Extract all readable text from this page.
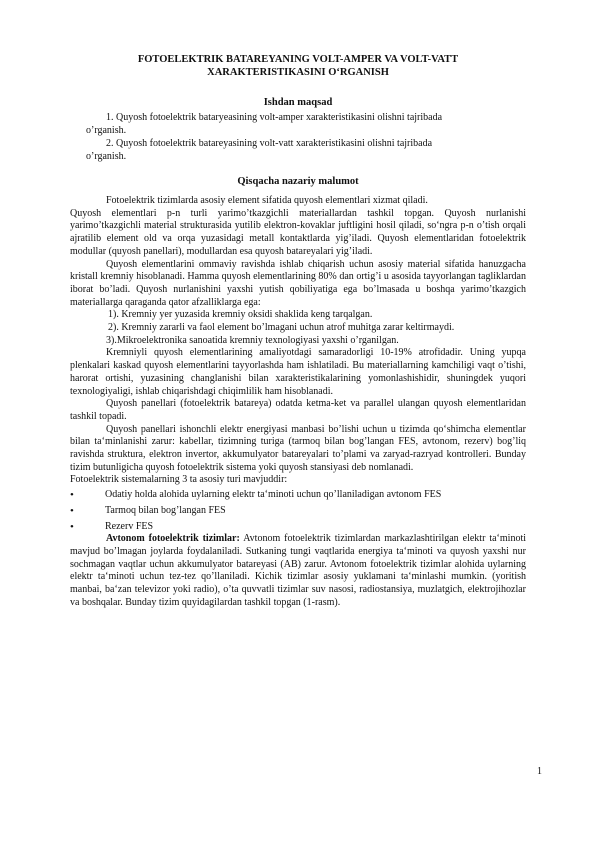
FOTOELEKTRIK BATAREYANING VOLT-AMPER VA VOLT-VATT
XARAKTERISTIKASINI O‘RGANISH
Ishdan maqsad
1. Quyosh fotoelektrik bataryeasining volt-amper xarakteristikasini olishni tajribada
o’rganish.
2. Quyosh fotoelektrik batareyasining volt-vatt xarakteristikasini olishni tajribada
o’rganish.
Qisqacha nazariy malumot

Fotoelektrik tizimlarda asosiy element sifatida quyosh elementlari xizmat qiladi.

Quyosh elementlari p-n turli yarimo’tkazgichli materiallardan tashkil topgan. Quyosh nurlanishi yarimo’tkazgichli material strukturasida yutilib elektron-kovaklar juftligini hosil qiladi, so‘ngra p-n o’tish orqali ajratilib element old va orqa yuzasidagi metall kontaktlarda yig’iladi. Quyosh elementlaridan fotoelektrik modullar (quyosh panellari), modullardan esa quyosh batareyalari yig’iladi.

Quyosh elementlarini ommaviy ravishda ishlab chiqarish uchun asosiy material sifatida hanuzgacha kristall kremniy hisoblanadi. Hamma quyosh elementlarining 80% dan ortig’i u asosida tayyorlangan tagliklardan iborat bo’ladi. Quyosh nurlanishini yaxshi yutish qobiliyatiga ega bo’lmasada u boshqa yarimo’tkazgich materiallarga qaraganda qator afzalliklarga ega:

1). Kremniy yer yuzasida kremniy oksidi shaklida keng tarqalgan.

2). Kremniy zararli va faol element bo’lmagani uchun atrof muhitga zarar keltirmaydi.

3).Mikroelektronika sanoatida kremniy texnologiyasi yaxshi o’rganilgan.

Kremniyli quyosh elementlarining amaliyotdagi samaradorligi 10-19% atrofidadir. Uning yupqa plenkalari kaskad quyosh elementlarini tayyorlashda ham ishlatiladi. Bu materiallarning kamchiligi vaqt o’tishi, harorat ortishi, yuzasining changlanishi bilan xarakteristikalarining yomonlashishidir, shuningdek yuqori texnologiyaligi, ishlab chiqarishdagi chiqimlilik ham hisoblanadi.

Quyosh panellari (fotoelektrik batareya) odatda ketma-ket va parallel ulangan quyosh elementlaridan tashkil topadi.

Quyosh panellari ishonchli elektr energiyasi manbasi bo’lishi uchun u tizimda qo‘shimcha elementlar bilan ta‘minlanishi zarur: kabellar, tizimning turiga (tarmoq bilan bog’langan FES, avtonom, rezerv) bog’liq ravishda struktura, elektron invertor, akkumulyator batareyalari to’plami va zaryad-razryad kontrolleri. Bunday tizim butunligicha quyosh fotoelektrik sistema yoki quyosh stansiyasi deb nomlanadi.

Fotoelektrik sistemalarning 3 ta asosiy turi mavjuddir:

•	Odatiy holda alohida uylarning elektr ta‘minoti uchun qo’llaniladigan avtonom FES
•	Tarmoq bilan bog’langan FES
•	Rezerv FES

Avtonom fotoelektrik tizimlar: Avtonom fotoelektrik tizimlardan markazlashtirilgan elektr ta‘minoti mavjud bo’lmagan joylarda foydalaniladi. Sutkaning tungi vaqtlarida energiya ta‘minoti va quyosh yaxshi nur sochmagan vaqtlar uchun akkumulyator batareyasi (AB) zarur. Avtonom fotoelektrik tizimlar alohida uylarning elektr ta‘minoti uchun tez-tez qo’llaniladi. Kichik tizimlar asosiy yuklamani ta‘minlashi mumkin. (yoritish manbai, ba‘zan televizor yoki radio), o’ta quvvatli tizimlar suv nasosi, radiostansiya, muzlatgich, elektrojihozlar va boshqalar. Bunday tizim quyidagilardan tashkil topgan (1-rasm).

1
